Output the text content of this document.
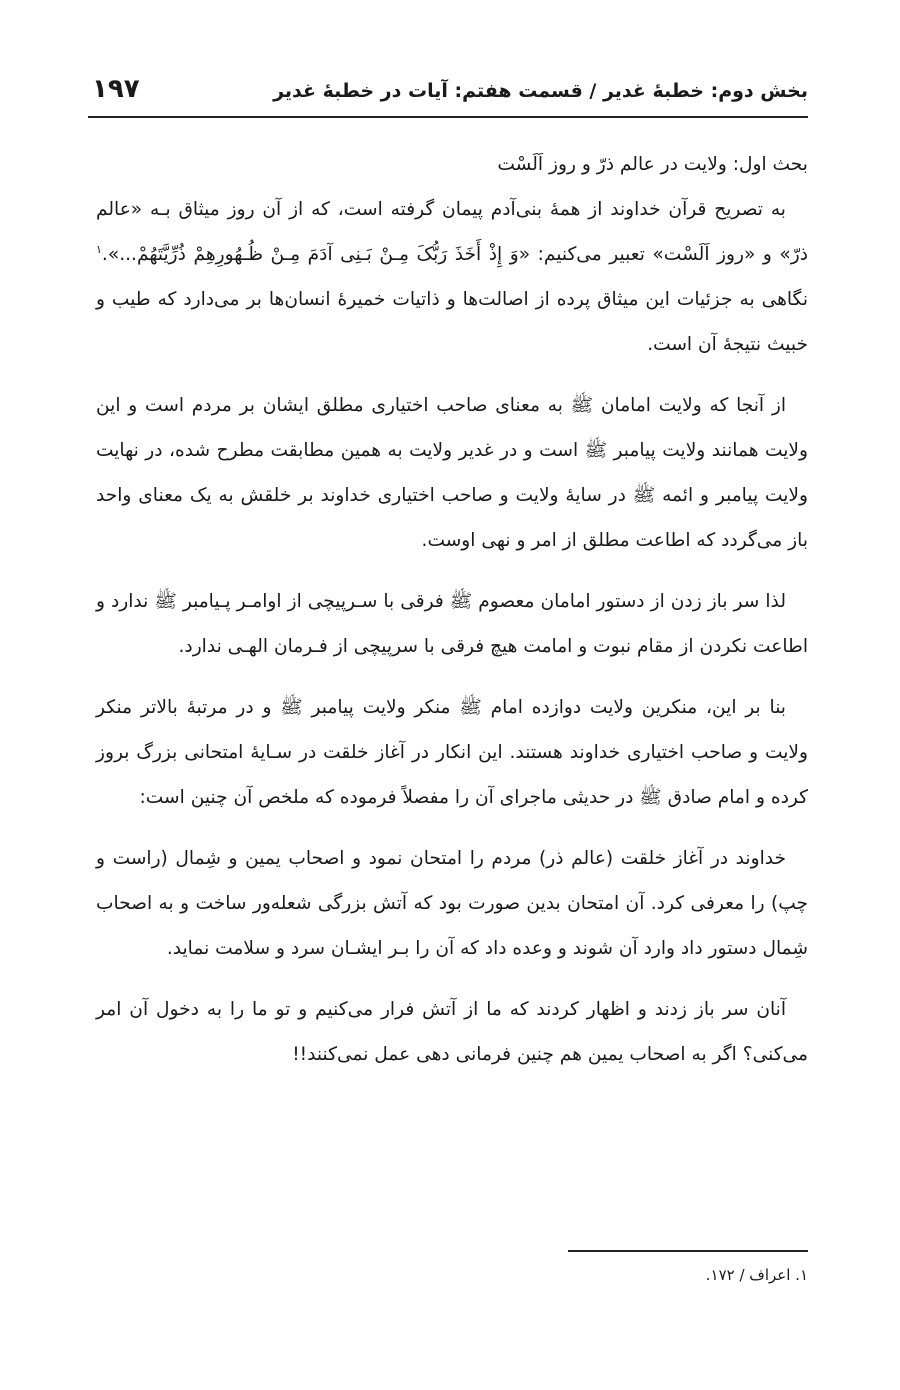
بخش دوم: خطبۀ غدیر / قسمت هفتم: آیات در خطبۀ غدیر
۱۹۷

بحث اول: ولایت در عالم ذرّ و روز اَلَسْت

به تصریح قرآن خداوند از همۀ بنی‌آدم پیمان گرفته است، که از آن روز میثاق بـه «عالم ذرّ» و «روز اَلَسْت» تعبیر می‌کنیم: «وَ إِذْ أَخَذَ رَبُّکَ مِـنْ بَـنِی آدَمَ مِـنْ ظُـهُورِهِمْ ذُرِّیَّتَهُمْ...».$^۱$ نگاهی به جزئیات این میثاق پرده از اصالت‌ها و ذاتیات خمیرۀ انسان‌ها بر می‌دارد که طیب و خبیث نتیجۀ آن است.

از آنجا که ولایت امامان ﷺ به معنای صاحب اختیاری مطلق ایشان بر مردم است و این ولایت همانند ولایت پیامبر ﷺ است و در غدیر ولایت به همین مطابقت مطرح شده، در نهایت ولایت پیامبر و ائمه ﷺ در سایۀ ولایت و صاحب اختیاری خداوند بر خلقش به یک معنای واحد باز می‌گردد که اطاعت مطلق از امر و نهی اوست.

لذا سر باز زدن از دستور امامان معصوم ﷺ فرقی با سـرپیچی از اوامـر پـیامبر ﷺ ندارد و اطاعت نکردن از مقام نبوت و امامت هیچ فرقی با سرپیچی از فـرمان الهـی ندارد.

بنا بر این، منکرین ولایت دوازده امام ﷺ منکر ولایت پیامبر ﷺ و در مرتبۀ بالاتر منکر ولایت و صاحب اختیاری خداوند هستند. این انکار در آغاز خلقت در سـایۀ امتحانی بزرگ بروز کرده و امام صادق ﷺ در حدیثی ماجرای آن را مفصلاً فرموده که ملخص آن چنین است:

خداوند در آغاز خلقت (عالم ذر) مردم را امتحان نمود و اصحاب یمین و شِمال (راست و چپ) را معرفی کرد. آن امتحان بدین صورت بود که آتش بزرگی شعله‌ور ساخت و به اصحاب شِمال دستور داد وارد آن شوند و وعده داد که آن را بـر ایشـان سرد و سلامت نماید.

آنان سر باز زدند و اظهار کردند که ما از آتش فرار می‌کنیم و تو ما را به دخول آن امر می‌کنی؟ اگر به اصحاب یمین هم چنین فرمانی دهی عمل نمی‌کنند!!

۱. اعراف / ۱۷۲.
